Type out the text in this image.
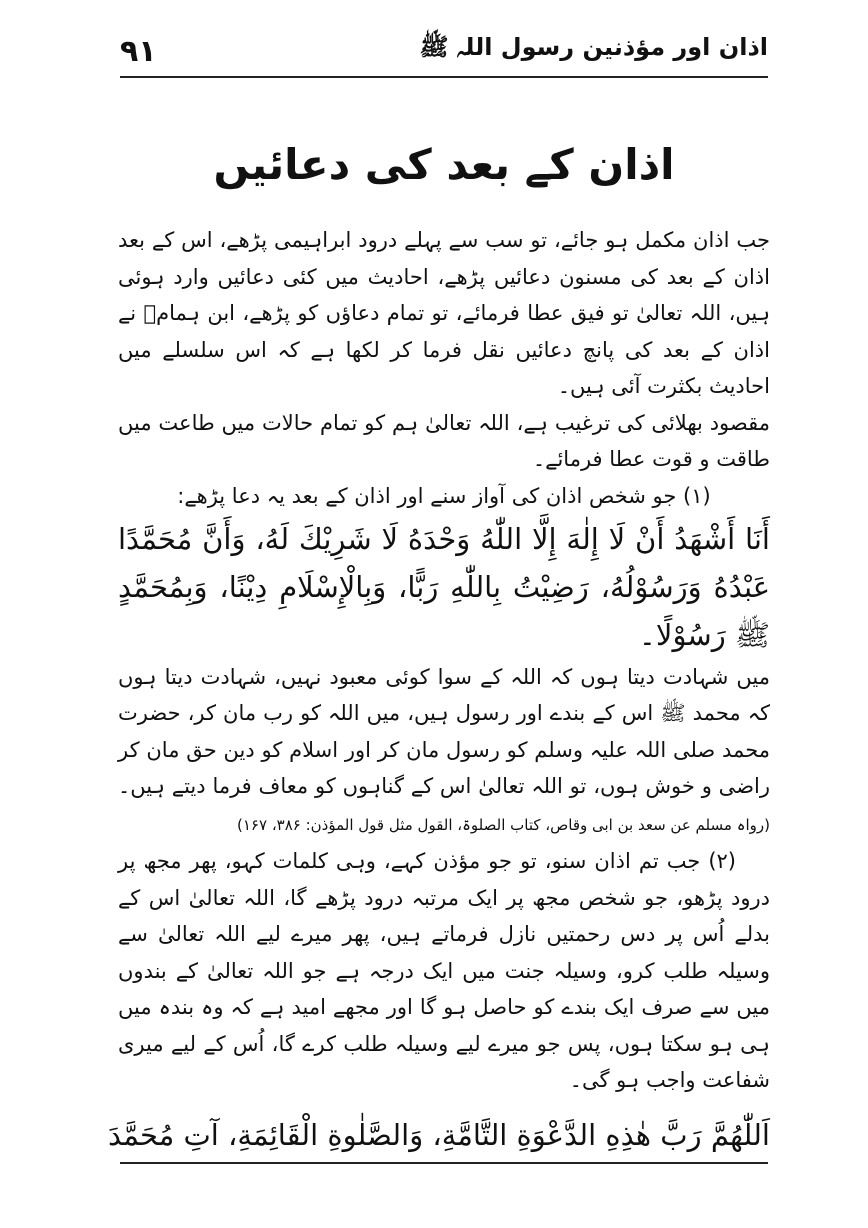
۹۱	اذان اور مؤذنین رسول اللہ ﷺ
اذان کے بعد کی دعائیں

جب اذان مکمل ہو جائے، تو سب سے پہلے درود ابراہیمی پڑھے، اس کے بعد اذان کے بعد کی مسنون دعائیں پڑھے، احادیث میں کئی دعائیں وارد ہوئی ہیں، اللہ تعالیٰ تو فیق عطا فرمائے، تو تمام دعاؤں کو پڑھے، ابن ہمامؒ نے اذان کے بعد کی پانچ دعائیں نقل فرما کر لکھا ہے کہ اس سلسلے میں احادیث بکثرت آئی ہیں۔

مقصود بھلائی کی ترغیب ہے، اللہ تعالیٰ ہم کو تمام حالات میں طاعت میں طاقت و قوت عطا فرمائے۔

(۱) جو شخص اذان کی آواز سنے اور اذان کے بعد یہ دعا پڑھے:

أَنَا أَشْهَدُ أَنْ لَا إِلٰهَ إِلَّا اللّٰهُ وَحْدَهُ لَا شَرِيْكَ لَهُ، وَأَنَّ مُحَمَّدًا عَبْدُهُ وَرَسُوْلُهُ، رَضِيْتُ بِاللّٰهِ رَبًّا، وَبِالْإِسْلَامِ دِيْنًا، وَبِمُحَمَّدٍ ﷺ رَسُوْلًا۔

میں شہادت دیتا ہوں کہ اللہ کے سوا کوئی معبود نہیں، شہادت دیتا ہوں کہ محمد ﷺ اس کے بندے اور رسول ہیں، میں اللہ کو رب مان کر، حضرت محمد صلی اللہ علیہ وسلم کو رسول مان کر اور اسلام کو دین حق مان کر راضی و خوش ہوں، تو اللہ تعالیٰ اس کے گناہوں کو معاف فرما دیتے ہیں۔ (رواہ مسلم عن سعد بن ابی وقاص، کتاب الصلوۃ، القول مثل قول المؤذن: ۳۸۶، ۱۶۷)

(۲) جب تم اذان سنو، تو جو مؤذن کہے، وہی کلمات کہو، پھر مجھ پر درود پڑھو، جو شخص مجھ پر ایک مرتبہ درود پڑھے گا، اللہ تعالیٰ اس کے بدلے اُس پر دس رحمتیں نازل فرماتے ہیں، پھر میرے لیے اللہ تعالیٰ سے وسیلہ طلب کرو، وسیلہ جنت میں ایک درجہ ہے جو اللہ تعالیٰ کے بندوں میں سے صرف ایک بندے کو حاصل ہو گا اور مجھے امید ہے کہ وہ بندہ میں ہی ہو سکتا ہوں، پس جو میرے لیے وسیلہ طلب کرے گا، اُس کے لیے میری شفاعت واجب ہو گی۔

اَللّٰهُمَّ رَبَّ هٰذِهِ الدَّعْوَةِ التَّامَّةِ، وَالصَّلٰوةِ الْقَائِمَةِ، آتِ مُحَمَّدَ
